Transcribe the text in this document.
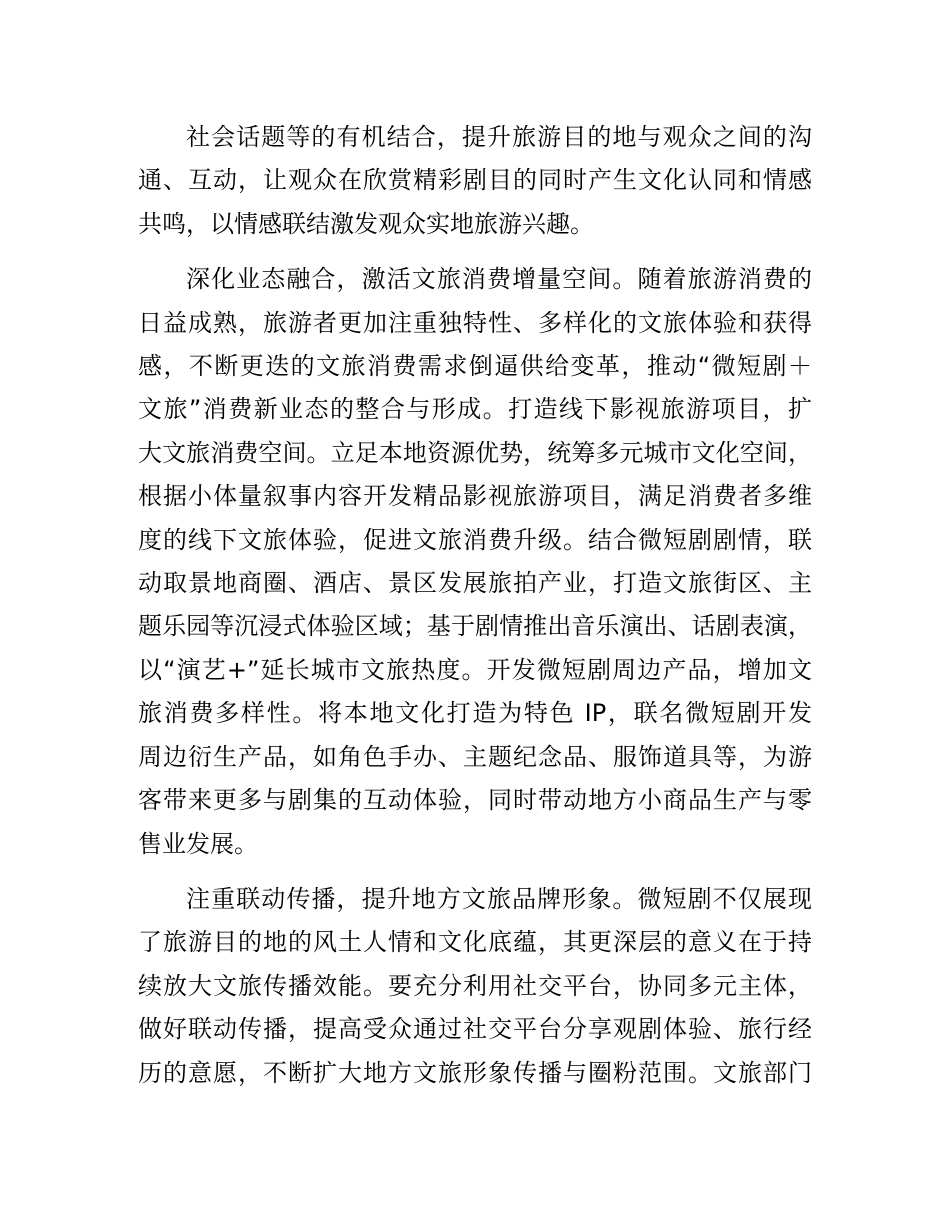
社会话题等的有机结合，提升旅游目的地与观众之间的沟
通、互动，让观众在欣赏精彩剧目的同时产生文化认同和情感
共鸣，以情感联结激发观众实地旅游兴趣。
深化业态融合，激活文旅消费增量空间。随着旅游消费的
日益成熟，旅游者更加注重独特性、多样化的文旅体验和获得
感，不断更迭的文旅消费需求倒逼供给变革，推动“微短剧＋
文旅”消费新业态的整合与形成。打造线下影视旅游项目，扩
大文旅消费空间。立足本地资源优势，统筹多元城市文化空间，
根据小体量叙事内容开发精品影视旅游项目，满足消费者多维
度的线下文旅体验，促进文旅消费升级。结合微短剧剧情，联
动取景地商圈、酒店、景区发展旅拍产业，打造文旅街区、主
题乐园等沉浸式体验区域；基于剧情推出音乐演出、话剧表演，
以“演艺+”延长城市文旅热度。开发微短剧周边产品，增加文
旅消费多样性。将本地文化打造为特色 IP，联名微短剧开发
周边衍生产品，如角色手办、主题纪念品、服饰道具等，为游
客带来更多与剧集的互动体验，同时带动地方小商品生产与零
售业发展。
注重联动传播，提升地方文旅品牌形象。微短剧不仅展现
了旅游目的地的风土人情和文化底蕴，其更深层的意义在于持
续放大文旅传播效能。要充分利用社交平台，协同多元主体，
做好联动传播，提高受众通过社交平台分享观剧体验、旅行经
历的意愿，不断扩大地方文旅形象传播与圈粉范围。文旅部门
